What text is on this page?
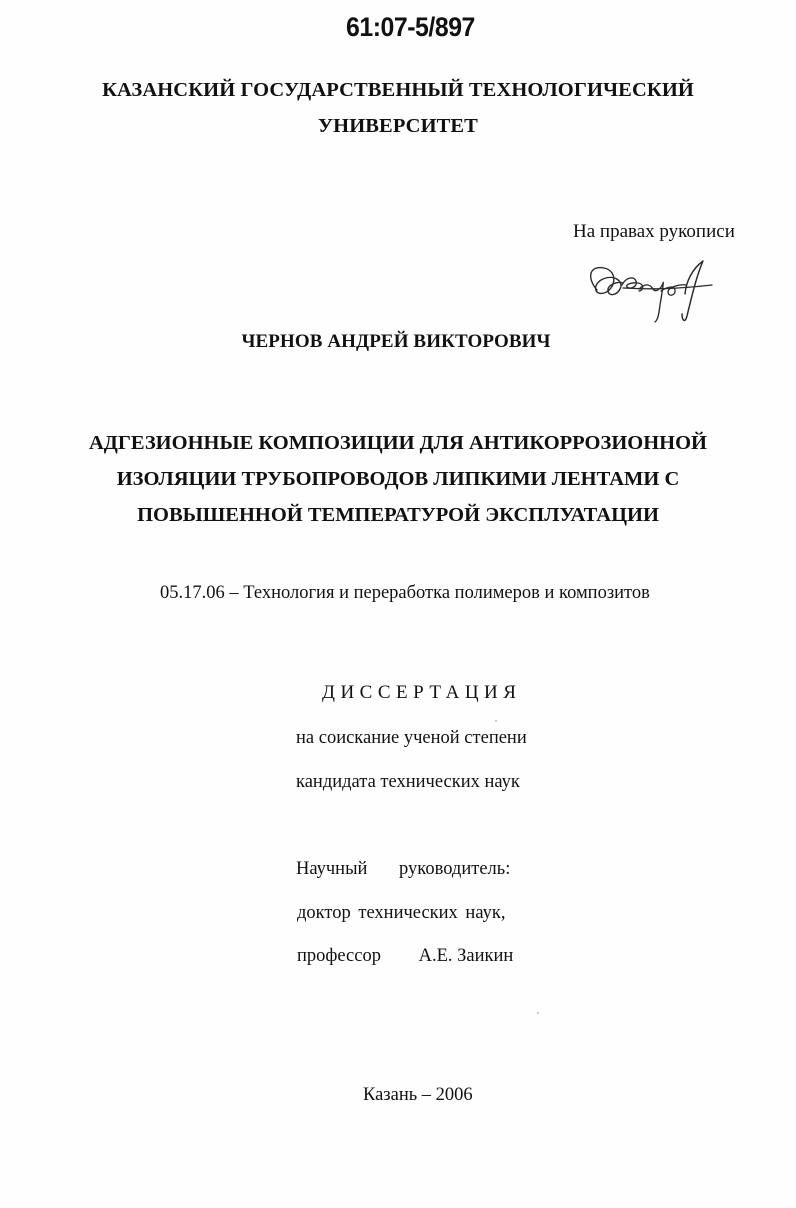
61:07-5/897
КАЗАНСКИЙ ГОСУДАРСТВЕННЫЙ ТЕХНОЛОГИЧЕСКИЙ
УНИВЕРСИТЕТ
На правах рукописи
ЧЕРНОВ АНДРЕЙ ВИКТОРОВИЧ
АДГЕЗИОННЫЕ КОМПОЗИЦИИ ДЛЯ АНТИКОРРОЗИОННОЙ
ИЗОЛЯЦИИ ТРУБОПРОВОДОВ ЛИПКИМИ ЛЕНТАМИ С
ПОВЫШЕННОЙ ТЕМПЕРАТУРОЙ ЭКСПЛУАТАЦИИ
05.17.06 – Технология и переработка полимеров и композитов
ДИССЕРТАЦИЯ
на соискание ученой степени
кандидата технических наук
Научный руководитель:
доктор технических наук,
профессор А.Е. Заикин
Казань – 2006
